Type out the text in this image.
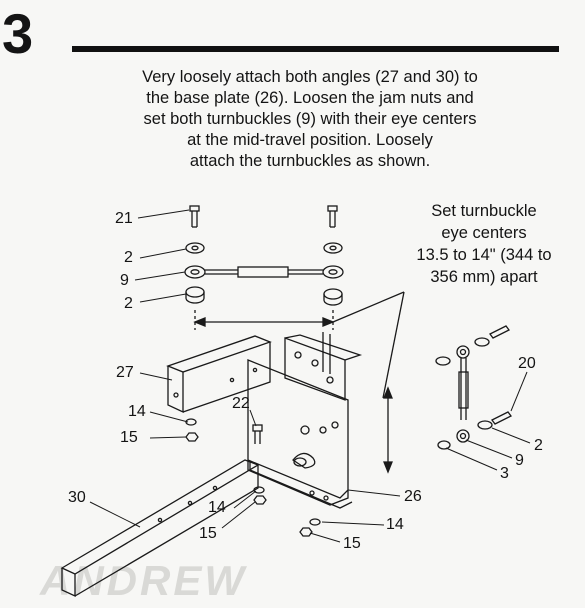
3
Very loosely attach both angles (27 and 30) to
the base plate (26). Loosen the jam nuts and
set both turnbuckles (9) with their eye centers
at the mid-travel position. Loosely
attach the turnbuckles as shown.
Set turnbuckle
eye centers
13.5 to 14" (344 to
356 mm) apart
ANDREW
21
2
9
2
27
14
15
22
30
14
15
26
14
15
20
2
9
3
